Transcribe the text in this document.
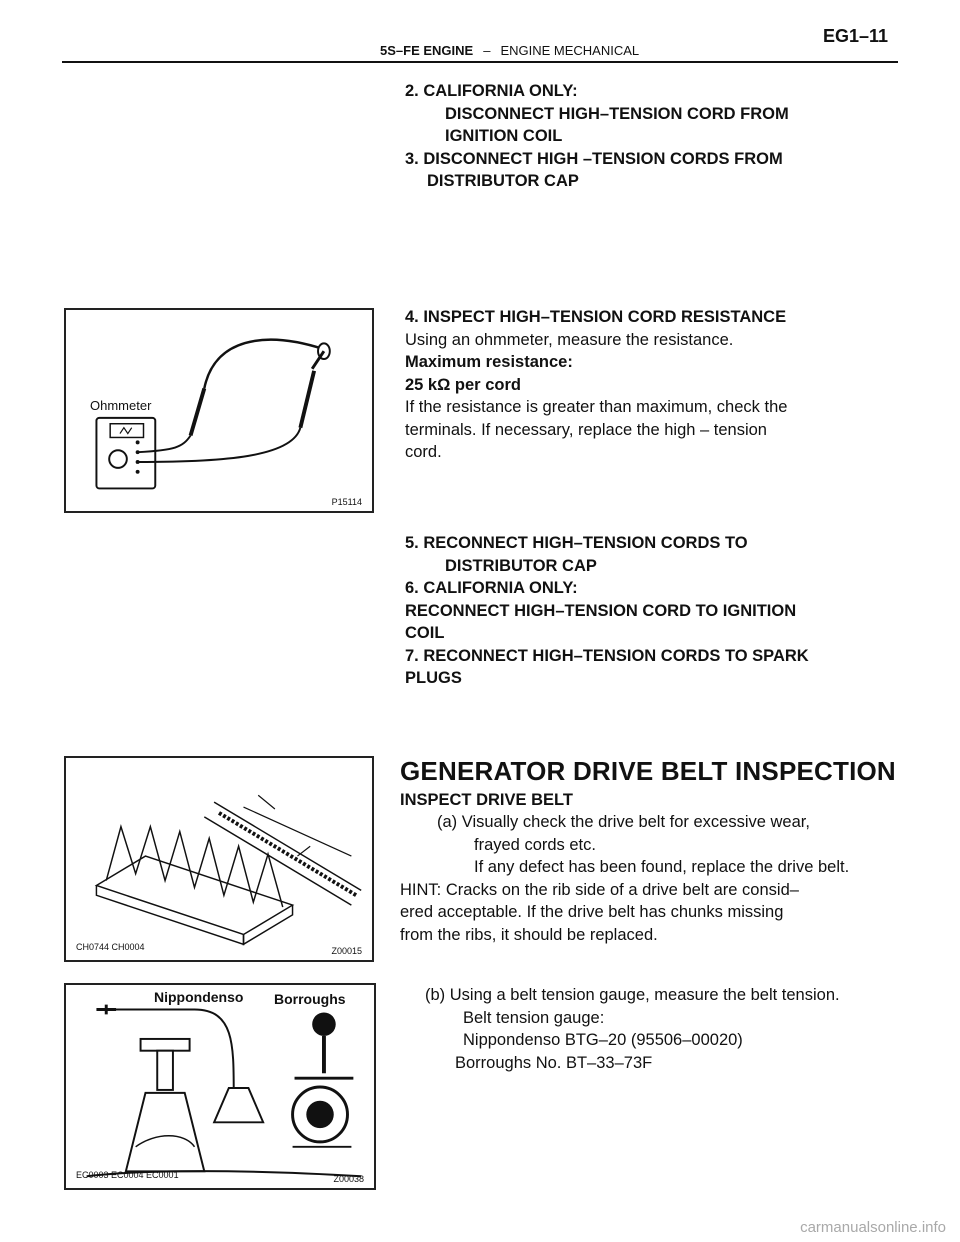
5S–FE ENGINE – ENGINE MECHANICAL
EG1–11
2. CALIFORNIA ONLY:
DISCONNECT HIGH–TENSION CORD FROM
IGNITION COIL
3. DISCONNECT HIGH –TENSION CORDS FROM
DISTRIBUTOR CAP
Ohmmeter
P15114
4. INSPECT HIGH–TENSION CORD RESISTANCE
Using an ohmmeter, measure the resistance.
Maximum resistance:
25 kΩ per cord
If the resistance is greater than maximum, check the
terminals. If necessary, replace the high – tension
cord.
5. RECONNECT HIGH–TENSION CORDS TO
DISTRIBUTOR CAP
6. CALIFORNIA ONLY:
RECONNECT HIGH–TENSION CORD TO IGNITION
COIL
7. RECONNECT HIGH–TENSION CORDS TO SPARK
PLUGS
CH0744 CH0004	Z00015
GENERATOR DRIVE BELT INSPECTION
INSPECT DRIVE BELT
(a) Visually check the drive belt for excessive wear,
frayed cords etc.
If any defect has been found, replace the drive belt.
HINT: Cracks on the rib side of a drive belt are consid–
ered acceptable. If the drive belt has chunks missing
from the ribs, it should be replaced.
Nippondenso Borroughs
EC0003 EC0004 EC0001	Z00038
(b) Using a belt tension gauge, measure the belt tension.
Belt tension gauge:
Nippondenso BTG–20 (95506–00020)
Borroughs No. BT–33–73F
carmanualsonline.info
